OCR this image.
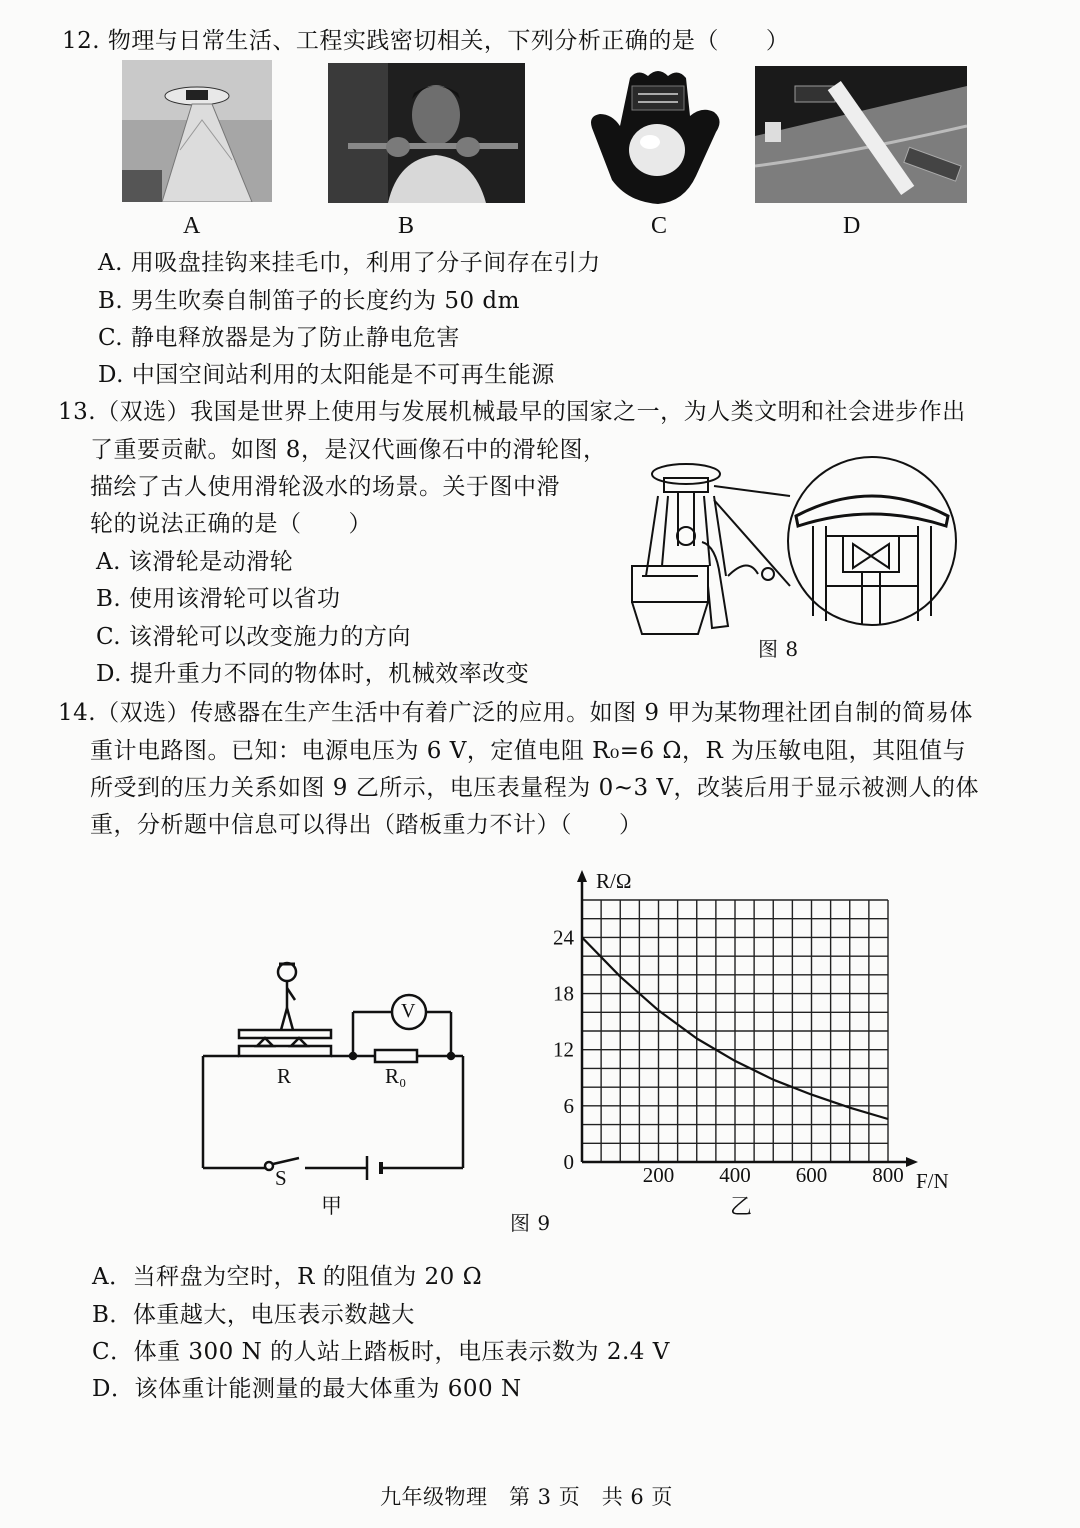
12. 物理与日常生活、工程实践密切相关，下列分析正确的是（　　）
A	B	C	D
A. 用吸盘挂钩来挂毛巾，利用了分子间存在引力
B. 男生吹奏自制笛子的长度约为 50 dm
C. 静电释放器是为了防止静电危害
D. 中国空间站利用的太阳能是不可再生能源
13.（双选）我国是世界上使用与发展机械最早的国家之一，为人类文明和社会进步作出
了重要贡献。如图 8，是汉代画像石中的滑轮图，
描绘了古人使用滑轮汲水的场景。关于图中滑
轮的说法正确的是（　　）
A. 该滑轮是动滑轮
B. 使用该滑轮可以省功
C. 该滑轮可以改变施力的方向
D. 提升重力不同的物体时，机械效率改变
图 8
14.（双选）传感器在生产生活中有着广泛的应用。如图 9 甲为某物理社团自制的简易体
重计电路图。已知：电源电压为 6 V，定值电阻 R₀=6 Ω，R 为压敏电阻，其阻值与
所受到的压力关系如图 9 乙所示，电压表量程为 0~3 V，改装后用于显示被测人的体
重，分析题中信息可以得出（踏板重力不计）（　　）
V
R	R₀
S
甲
200 400 600 800
0
6
12
18
24
F/N
R/Ω
乙
图 9
A．当秤盘为空时，R 的阻值为 20 Ω
B．体重越大，电压表示数越大
C．体重 300 N 的人站上踏板时，电压表示数为 2.4 V
D．该体重计能测量的最大体重为 600 N
九年级物理　第 3 页　共 6 页
